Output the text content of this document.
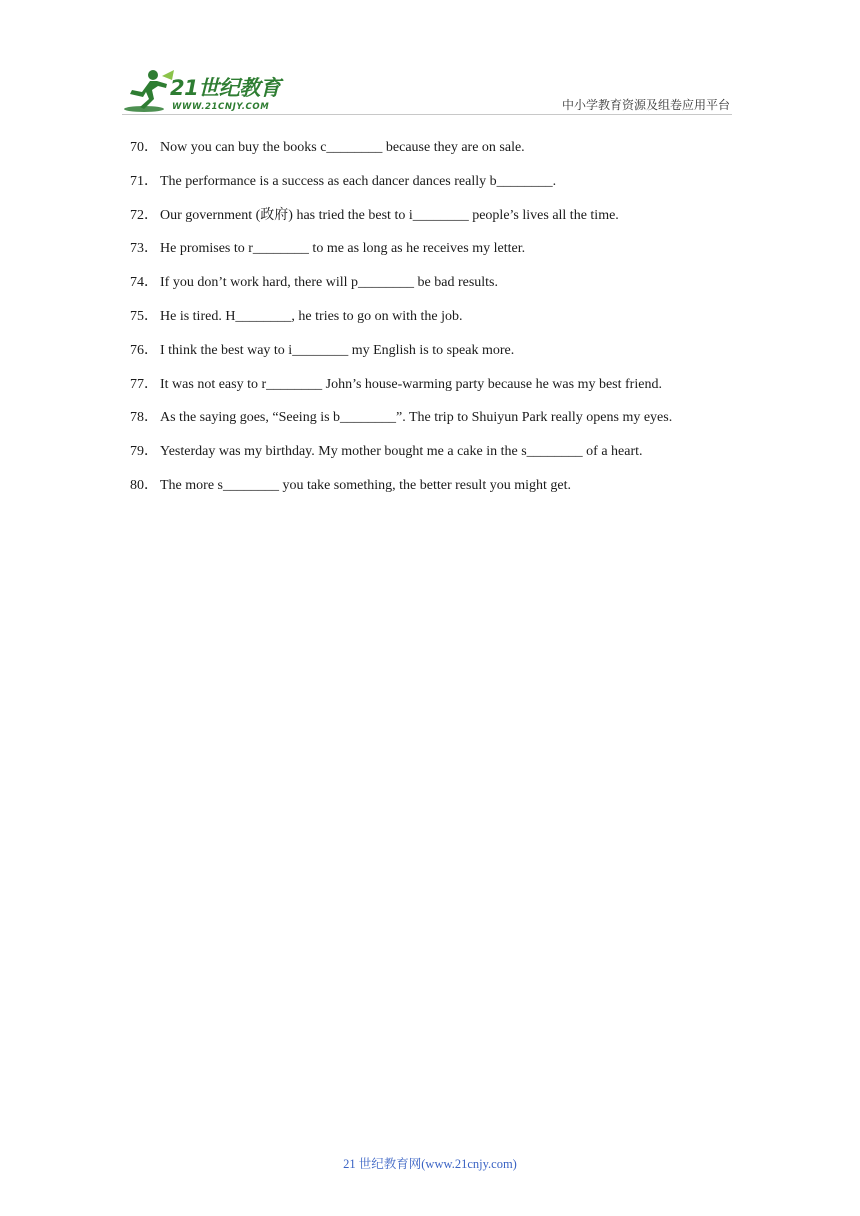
21世纪教育
WWW.21CNJY.COM	中小学教育资源及组卷应用平台
70． Now you can buy the books c________ because they are on sale.
71． The performance is a success as each dancer dances really b________.
72． Our government (政府) has tried the best to i________ people’s lives all the time.
73． He promises to r________ to me as long as he receives my letter.
74． If you don’t work hard, there will p________ be bad results.
75． He is tired. H________, he tries to go on with the job.
76． I think the best way to i________ my English is to speak more.
77． It was not easy to r________ John’s house-warming party because he was my best friend.
78． As the saying goes, “Seeing is b________”. The trip to Shuiyun Park really opens my eyes.
79． Yesterday was my birthday. My mother bought me a cake in the s________ of a heart.
80． The more s________ you take something, the better result you might get.
21 世纪教育网(www.21cnjy.com)
